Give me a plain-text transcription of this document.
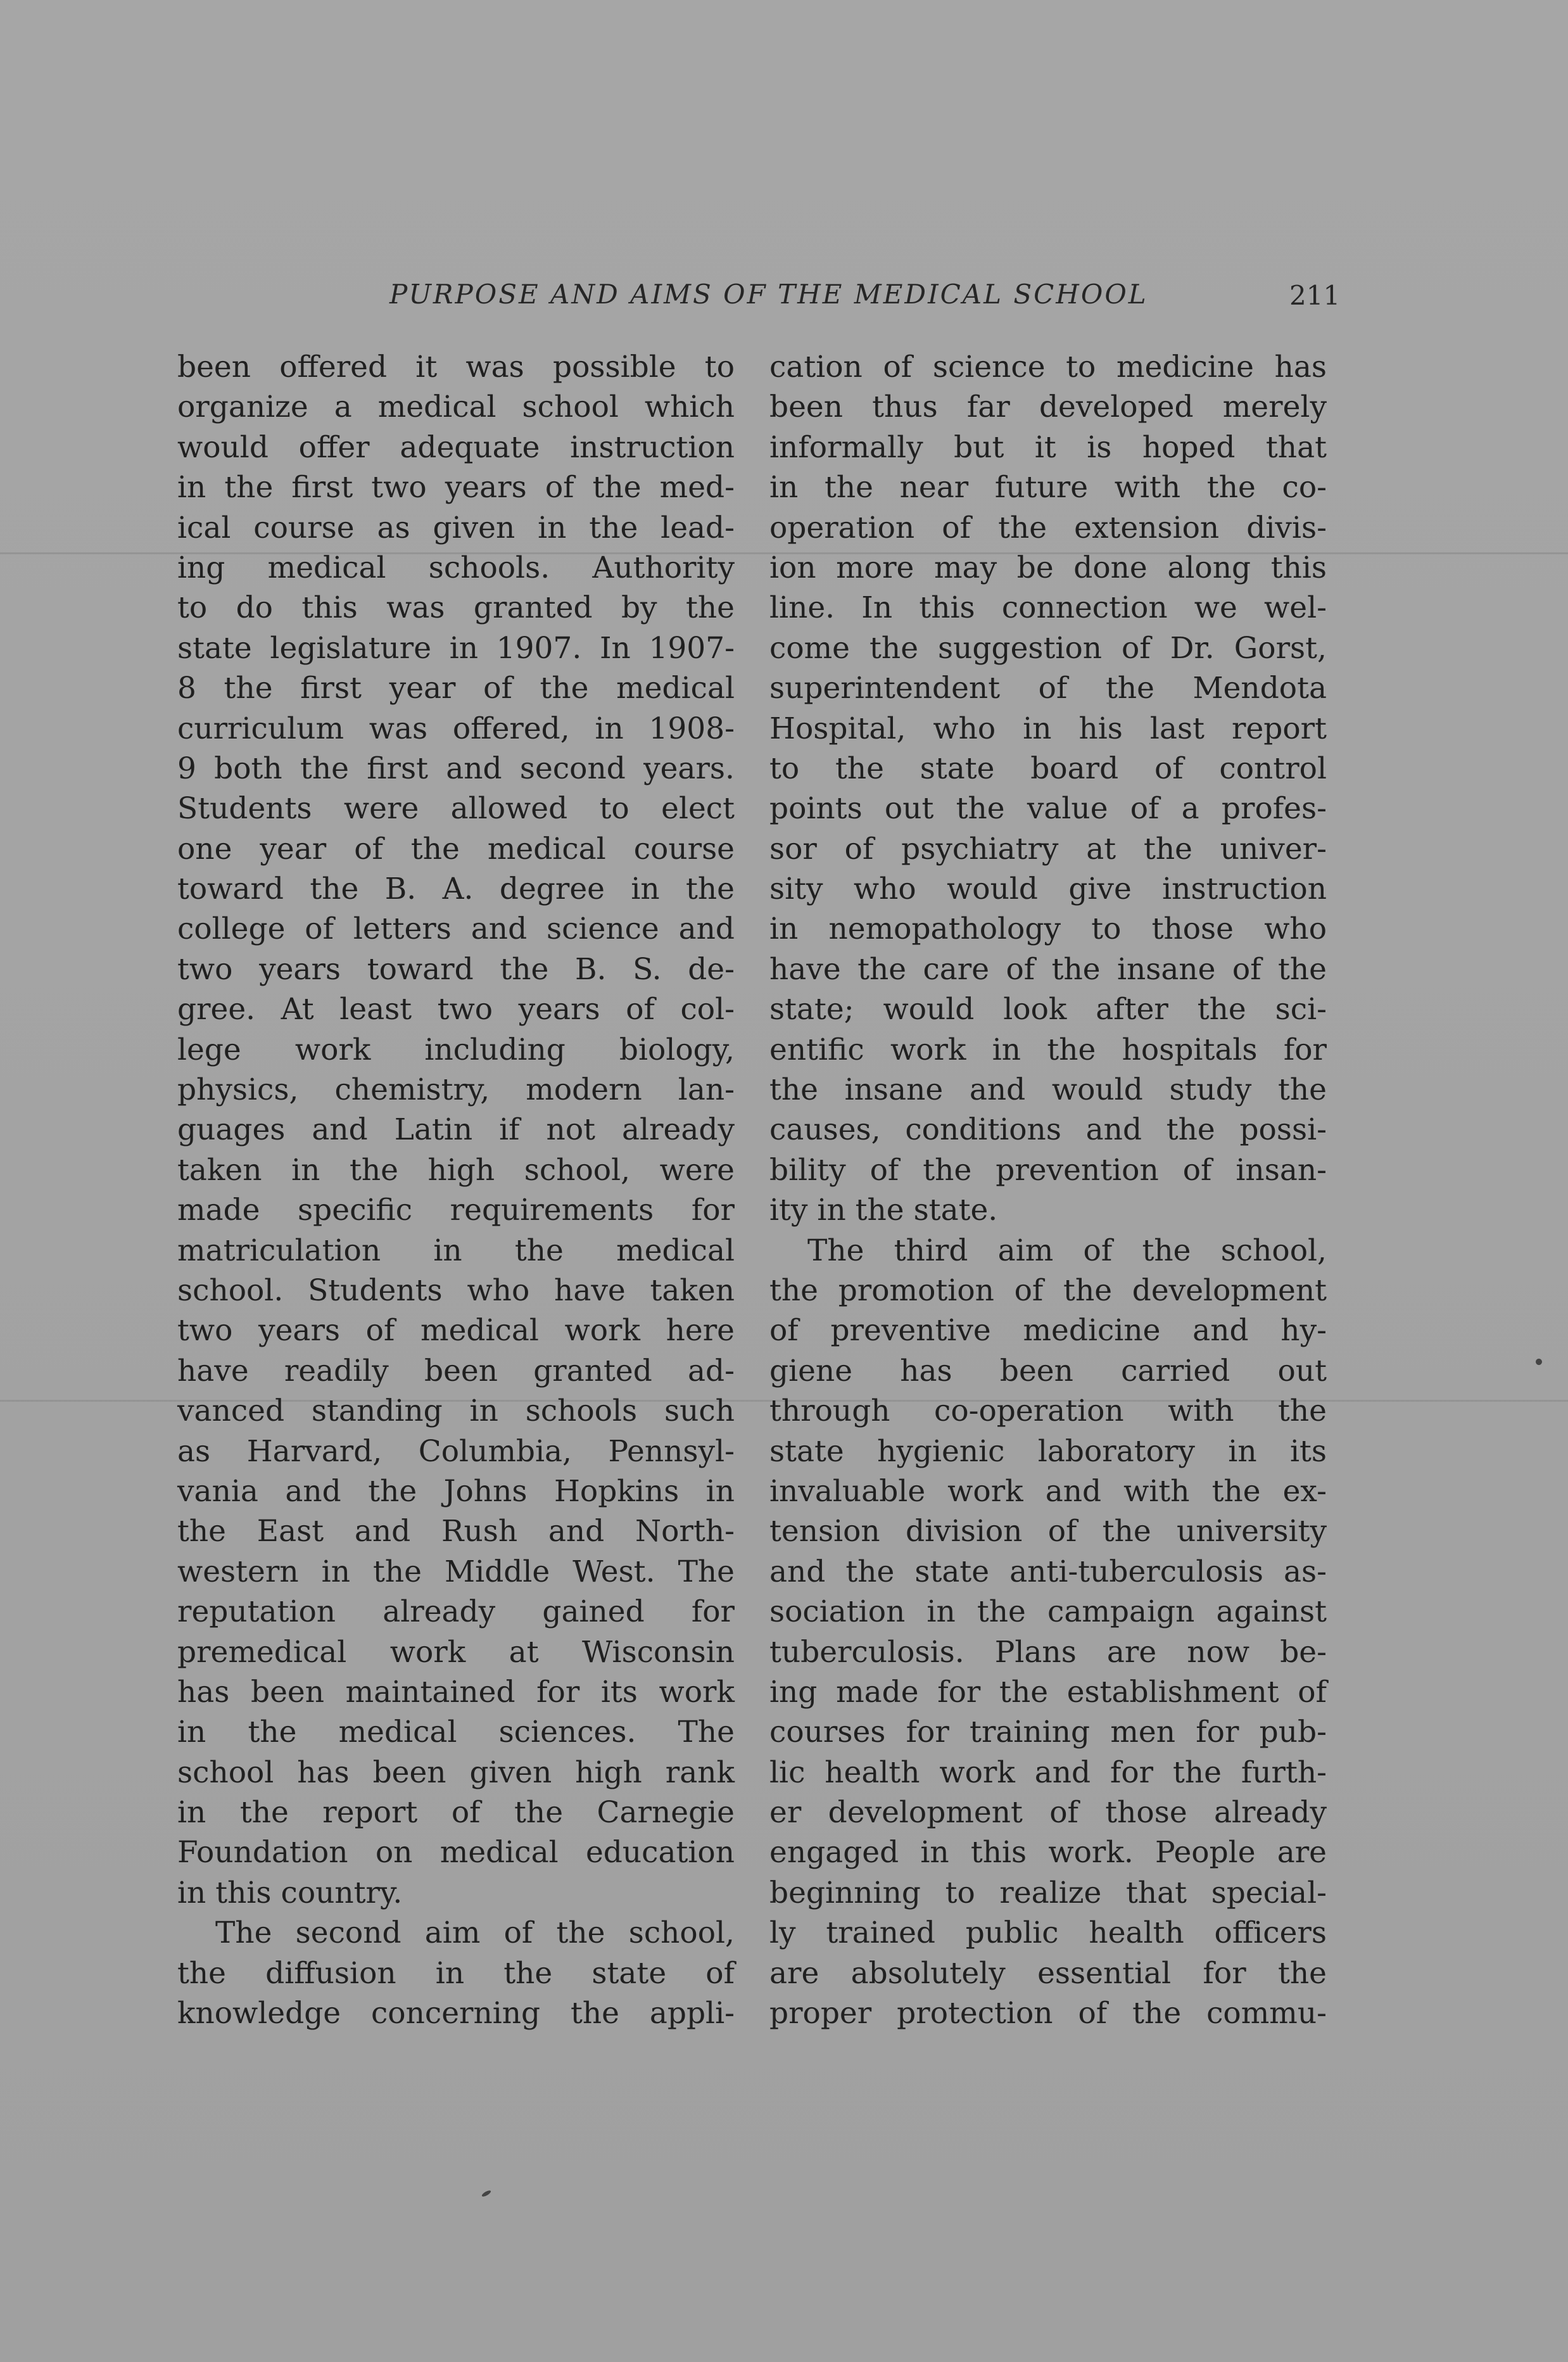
PURPOSE AND AIMS OF THE MEDICAL SCHOOL	211
been offered it was possible to
organize a medical school which
would offer adequate instruction
in the first two years of the med-
ical course as given in the lead-
ing medical schools. Authority
to do this was granted by the
state legislature in 1907. In 1907-
8 the first year of the medical
curriculum was offered, in 1908-
9 both the first and second years.
Students were allowed to elect
one year of the medical course
toward the B. A. degree in the
college of letters and science and
two years toward the B. S. de-
gree. At least two years of col-
lege work including biology,
physics, chemistry, modern lan-
guages and Latin if not already
taken in the high school, were
made specific requirements for
matriculation in the medical
school. Students who have taken
two years of medical work here
have readily been granted ad-
vanced standing in schools such
as Harvard, Columbia, Pennsyl-
vania and the Johns Hopkins in
the East and Rush and North-
western in the Middle West. The
reputation already gained for
premedical work at Wisconsin
has been maintained for its work
in the medical sciences. The
school has been given high rank
in the report of the Carnegie
Foundation on medical education
in this country.
The second aim of the school,
the diffusion in the state of
knowledge concerning the appli-
cation of science to medicine has
been thus far developed merely
informally but it is hoped that
in the near future with the co-
operation of the extension divis-
ion more may be done along this
line. In this connection we wel-
come the suggestion of Dr. Gorst,
superintendent of the Mendota
Hospital, who in his last report
to the state board of control
points out the value of a profes-
sor of psychiatry at the univer-
sity who would give instruction
in nemopathology to those who
have the care of the insane of the
state; would look after the sci-
entific work in the hospitals for
the insane and would study the
causes, conditions and the possi-
bility of the prevention of insan-
ity in the state.
The third aim of the school,
the promotion of the development
of preventive medicine and hy-
giene has been carried out
through co-operation with the
state hygienic laboratory in its
invaluable work and with the ex-
tension division of the university
and the state anti-tuberculosis as-
sociation in the campaign against
tuberculosis. Plans are now be-
ing made for the establishment of
courses for training men for pub-
lic health work and for the furth-
er development of those already
engaged in this work. People are
beginning to realize that special-
ly trained public health officers
are absolutely essential for the
proper protection of the commu-
